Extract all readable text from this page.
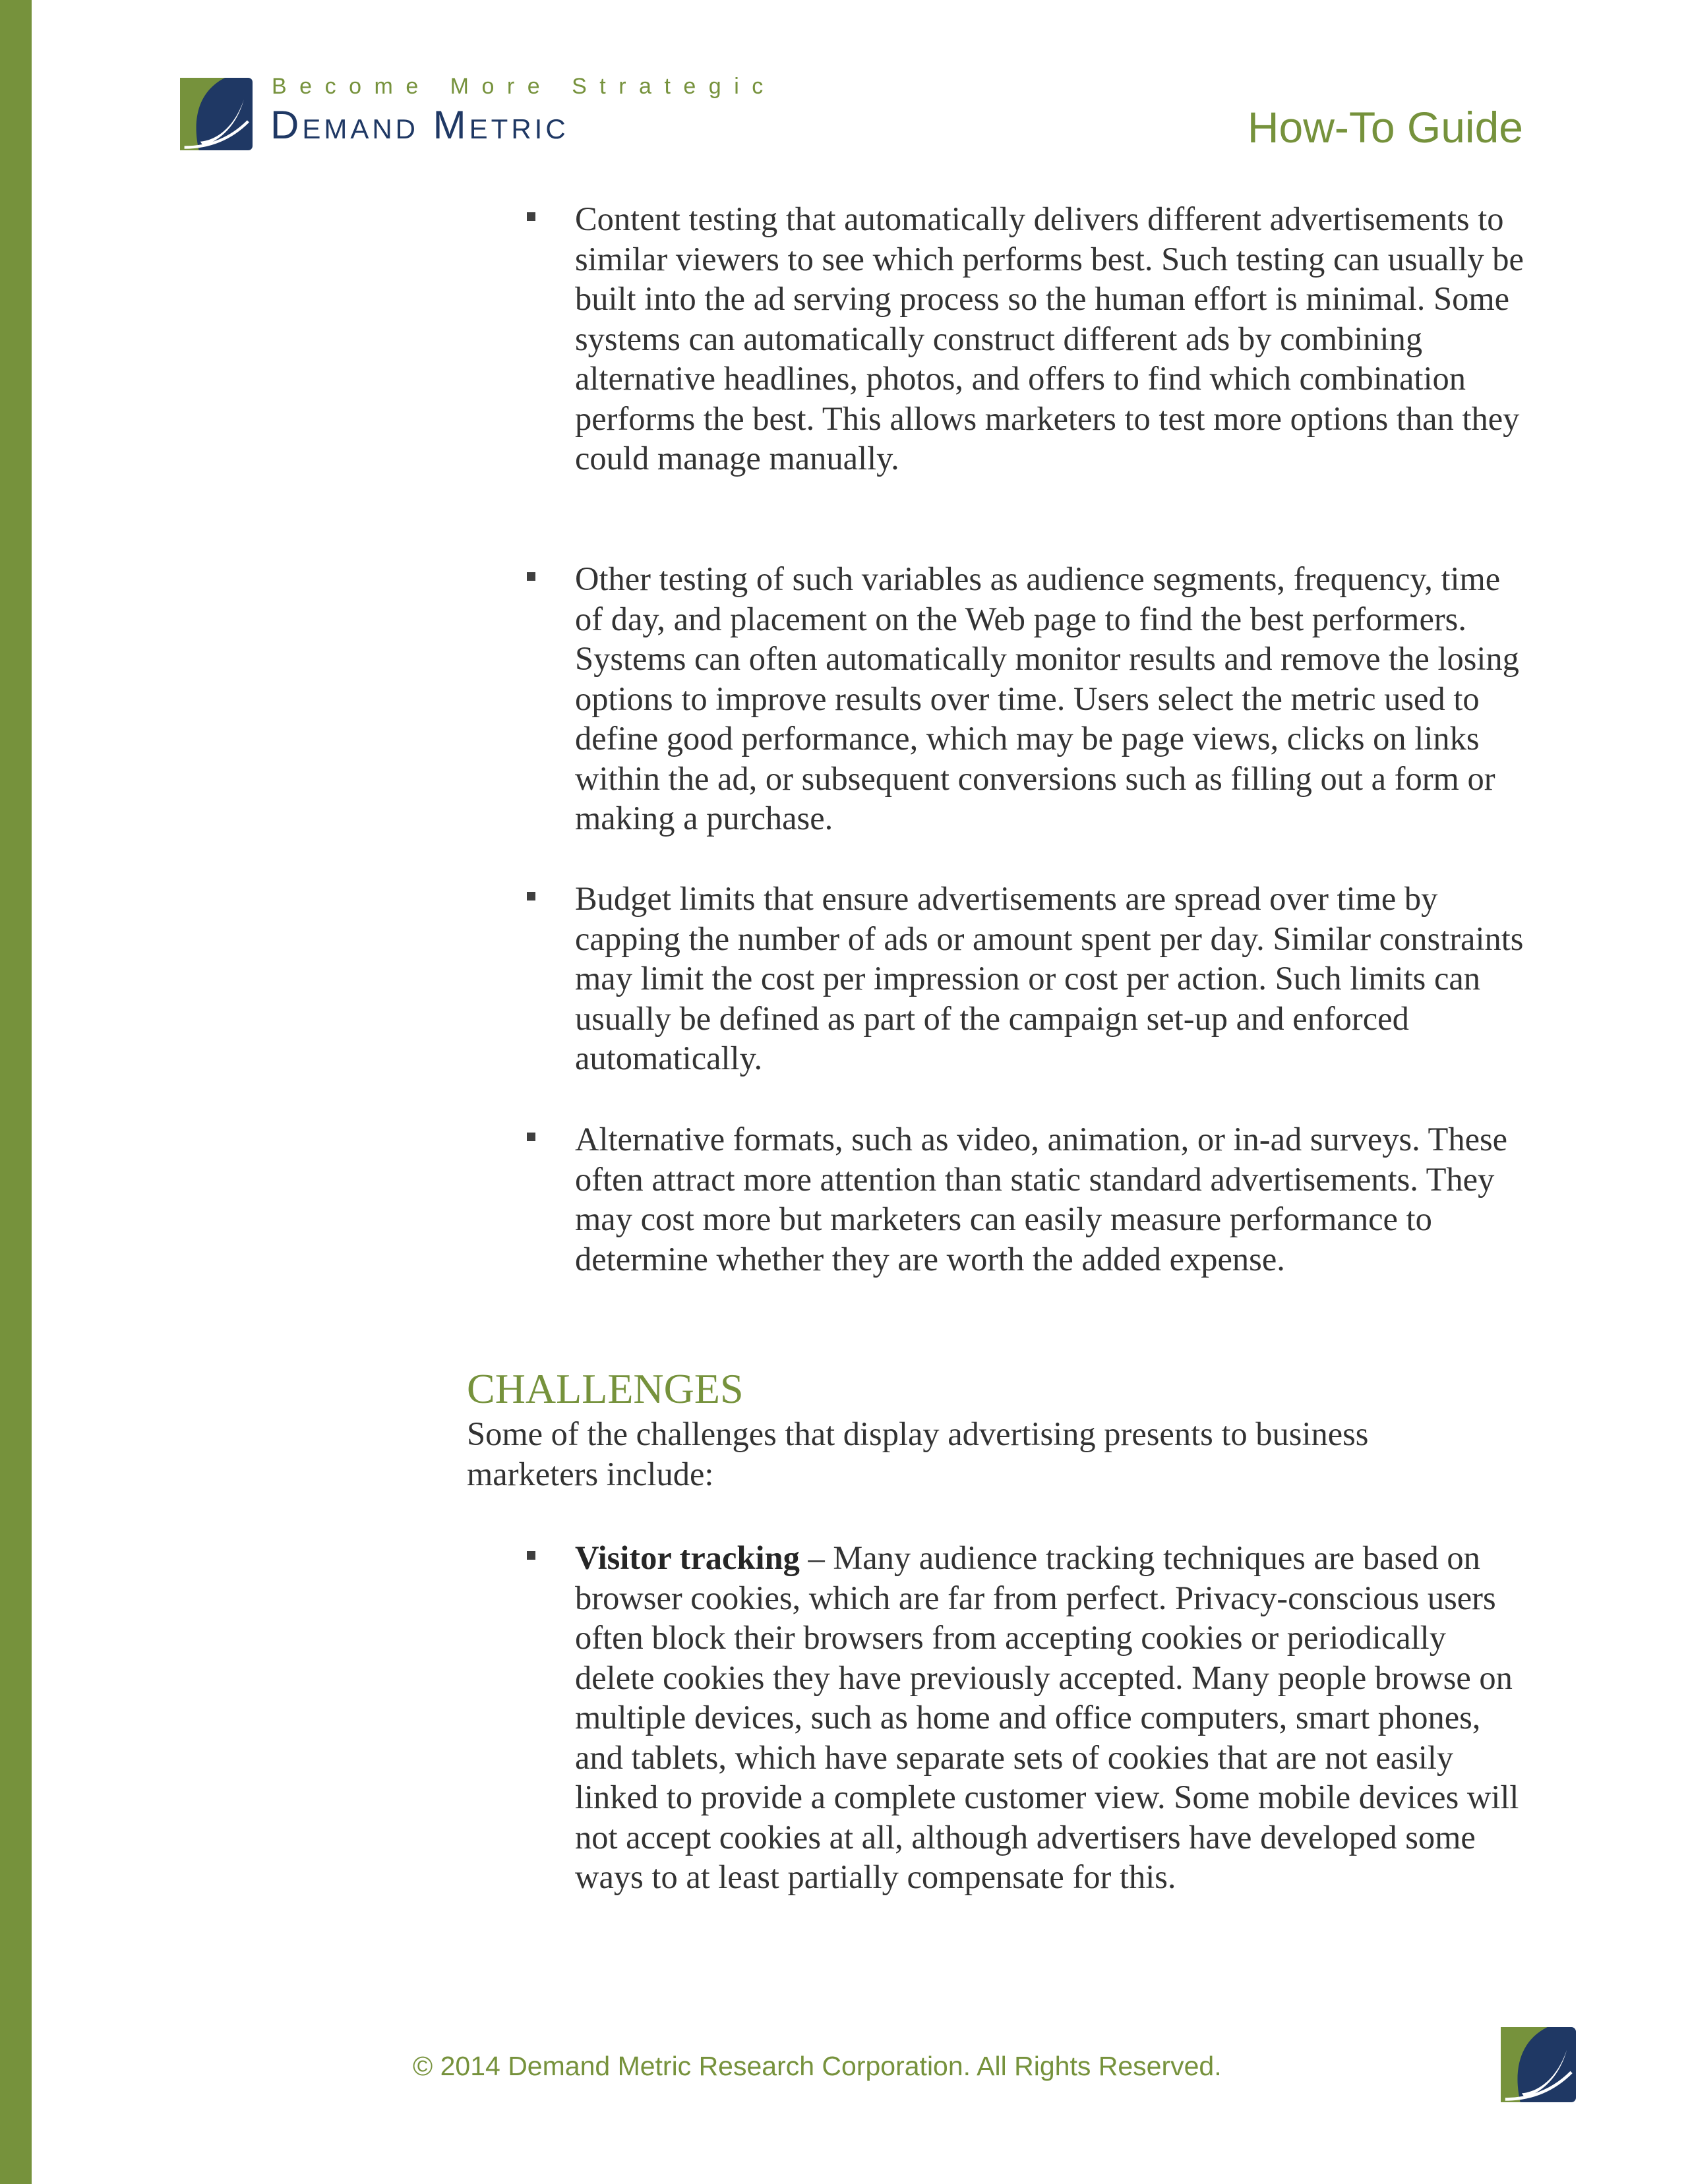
Become More Strategic

Demand Metric	How-To Guide

Content testing that automatically delivers different advertisements to similar viewers to see which performs best. Such testing can usually be built into the ad serving process so the human effort is minimal. Some systems can automatically construct different ads by combining alternative headlines, photos, and offers to find which combination performs the best. This allows marketers to test more options than they could manage manually.

Other testing of such variables as audience segments, frequency, time of day, and placement on the Web page to find the best performers. Systems can often automatically monitor results and remove the losing options to improve results over time. Users select the metric used to define good performance, which may be page views, clicks on links within the ad, or subsequent conversions such as filling out a form or making a purchase.

Budget limits that ensure advertisements are spread over time by capping the number of ads or amount spent per day. Similar constraints may limit the cost per impression or cost per action. Such limits can usually be defined as part of the campaign set-up and enforced automatically.

Alternative formats, such as video, animation, or in-ad surveys. These often attract more attention than static standard advertisements. They may cost more but marketers can easily measure performance to determine whether they are worth the added expense.

CHALLENGES

Some of the challenges that display advertising presents to business marketers include:

Visitor tracking – Many audience tracking techniques are based on browser cookies, which are far from perfect. Privacy-conscious users often block their browsers from accepting cookies or periodically delete cookies they have previously accepted. Many people browse on multiple devices, such as home and office computers, smart phones, and tablets, which have separate sets of cookies that are not easily linked to provide a complete customer view. Some mobile devices will not accept cookies at all, although advertisers have developed some ways to at least partially compensate for this.

© 2014 Demand Metric Research Corporation. All Rights Reserved.
